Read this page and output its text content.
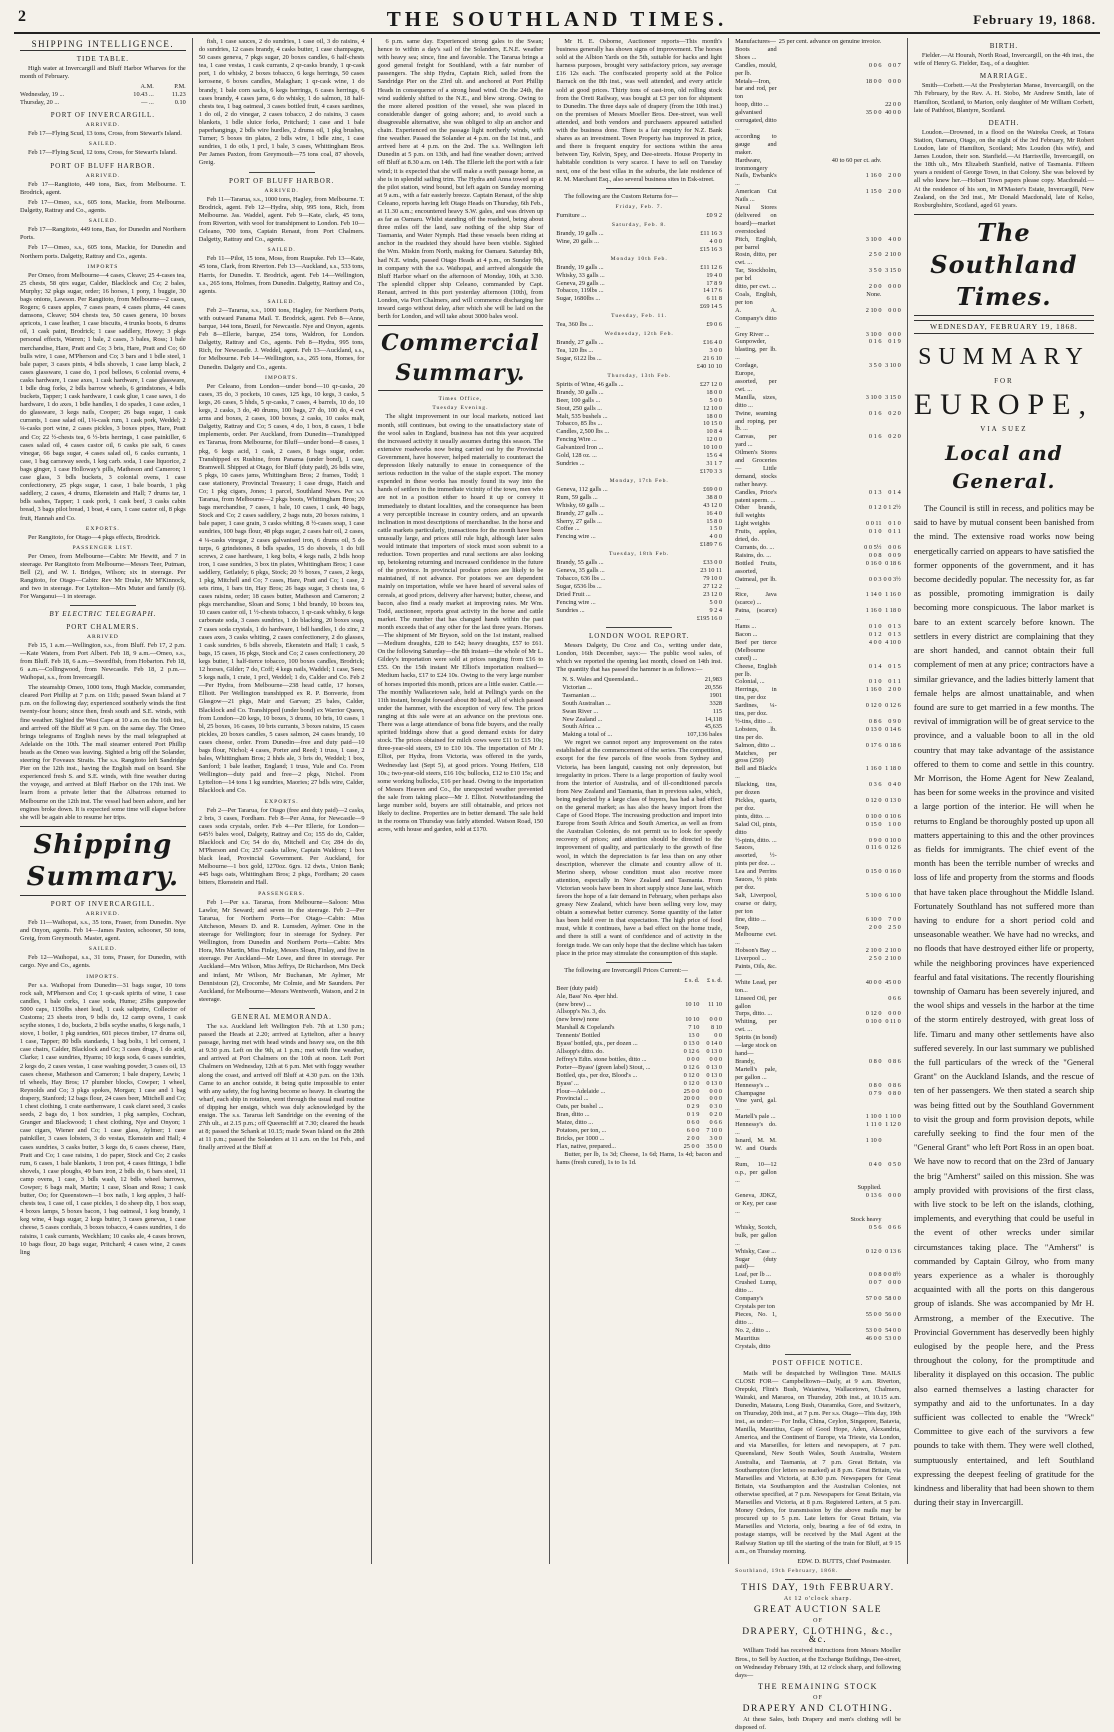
2	THE SOUTHLAND TIMES.	February 19, 1868.
SHIPPING INTELLIGENCE.
TIDE TABLE.

High water at Invercargill and Bluff Harbor Wharves for the month of February.

	A.M.	P.M.
Wednesday, 19 ...	10.43 ...	11.23
Thursday, 20 ...	— ...	0.10
PORT OF INVERCARGILL.
ARRIVED.

Feb 17—Flying Scud, 13 tons, Cross, from Stewart's Island.

SAILED.

Feb 17—Flying Scud, 12 tons, Cross, for Stewart's Island.

PORT OF BLUFF HARBOR.
ARRIVED.

Feb 17—Rangitoto, 449 tons, Bax, from Melbourne. T. Brodrick, agent.

Feb 17—Omeo, s.s., 605 tons, Mackie, from Melbourne. Dalgetty, Rattray and Co., agents.

SAILED.

Feb 17—Rangitoto, 449 tons, Bax, for Dunedin and Northern Ports.

Feb 17—Omeo, s.s., 605 tons, Mackie, for Dunedin and Northern ports. Dalgetty, Rattray and Co., agents.

IMPORTS

Per Omeo, from Melbourne—4 cases, Cleave; 25 4-cases tea, 25 chests, 58 qtrs sugar, Calder, Blacklock and Co; 2 bales, Murphy; 32 pkgs sugar, order; 16 horses, 1 pony, 1 buggie, 30 bags onions, Lawson. Per Rangitoto, from Melbourne—2 cases, Rogers; 6 cases apples, 7 cases pears, 4 cases plums, 44 cases damsons, Cleave; 504 chests tea, 50 cases genera, 10 boxes apricots, 1 case leather, 1 case biscuits, 4 trunks boots, 6 drums oil, 1 cask paint, Brodrick; 1 case saddlery, Hovey; 3 pkgs personal effects, Warren; 1 bale, 2 cases, 3 bales, Ross; 1 bale merchandise, Hare, Pratt and Co; 3 bris, Hare, Pratt and Co; 60 bulls wire, 1 case, M'Pherson and Co; 3 bars and 1 bdle steel, 1 bale paper, 3 cases pints, 4 bdls shovels, 1 case lamp black, 2 cases glassware, 1 case do, 1 pcel bellows, 6 colonial ovens, 4 casks hardware, 1 case axes, 1 cask hardware, 1 case glassware, 1 bdle drag forks, 2 bdls barrow wheels, 6 grindstones, 4 bdls buckets, Tapper; 1 cask hardware, 1 cask glue, 1 case saws, 1 do hardware, 1 do axes, 1 bdle handles, 1 do spades, 1 case axles, 1 do glassware, 3 kegs nails, Cooper; 26 bags sugar, 1 cask currants, 1 case salad oil, 1¼-cask rum, 1 cask pork, Weddel; 2 ¼-casks port wine, 2 cases pickles, 3 boxes pipes, Hare, Pratt and Co; 22 ½-chests tea, 6 ½-bris herrings, 1 case painkiller, 6 cases salad oil, 4 cases castor oil, 6 casks pie salt, 6 cases vinegar, 66 bags sugar, 4 cases salad oil, 6 casks currants, 1 case, 1 bag carraway seeds, 1 keg carb. soda, 1 case liquorice, 2 bags ginger, 1 case Holloway's pills, Matheson and Cameron; 1 case glass, 3 bdls buckets, 3 colonial ovens, 1 case confectionery, 25 pkgs sugar, 1 case, 1 bale boards, 1 pkg saddlery, 2 cases, 4 drums, Ekenstein and Hall; 7 drums tar, 1 bdls sashes, Tapper; 1 cask pork, 1 cask beef, 3 casks cabin bread, 3 bags pilot bread, 1 boat, 4 cars, 1 case castor oil, 8 pkgs fruit, Hannah and Co.

EXPORTS.

Per Rangitoto, for Otago—4 pkgs effects, Brodrick.

PASSENGER LIST.

Per Omeo, from Melbourne—Cabin: Mr Hewitt, and 7 in steerage. Per Rangitoto from Melbourne—Messrs Teer, Putman, Bell (2), and W. I. Bridges, Wilson; six in steerage. Per Rangitoto, for Otago—Cabin: Rev Mr Drake, Mr M'Kinnock, and two in steerage. For Lyttelton—Mrs Muter and family (6). For Wanganui—1 in steerage.

BY ELECTRIC TELEGRAPH.
PORT CHALMERS.
ARRIVED

Feb 15, 1 a.m.—Wellington, s.s., from Bluff. Feb 17, 2 p.m.—Kate Waters, from Port Albert. Feb 18, 9 a.m.—Omeo, s.s., from Bluff. Feb 18, 6 a.m.—Swordfish, from Hobarton. Feb 18, 6 a.m.—Collingwood, from Newcastle. Feb 18, 2 p.m.—Waihopai, s.s., from Invercargill.

The steamship Omeo, 1000 tons, Hugh Mackie, commander, cleared Port Phillip at 7 p.m. on 11th; passed Swan Island at 7 p.m. on the following day; experienced southerly winds the first twenty-four hours; since then, fresh south and S.E. winds, with fine weather. Sighted the West Cape at 10 a.m. on the 16th inst., and arrived off the Bluff at 9 p.m. on the same day. The Omeo brings telegrams of English news by the mail telegraphed at Adelaide on the 10th. The mail steamer entered Port Phillip heads as the Omeo was leaving. Sighted a brig off the Solander, steering for Foveaux Straits. The s.s. Rangitoto left Sandridge Pier on the 12th inst., having the English mail on board. She experienced fresh S. and S.E. winds, with fine weather during the voyage, and arrived at Bluff Harbor on the 17th inst. We learn from a private letter that the Albatross returned to Melbourne on the 12th inst. The vessel had been ashore, and her engines broke down. It is expected some time will elapse before she will be again able to resume her trips.

Shipping Summary.
PORT OF INVERCARGILL.
ARRIVED.

Feb 11—Waihopai, s.s., 35 tons, Fraser, from Dunedin. Nye and Onyon, agents. Feb 14—James Paxton, schooner, 50 tons, Greig, from Greymouth. Master, agent.

SAILED.

Feb 12—Waihopai, s.s., 31 tons, Fraser, for Dunedin, with cargo. Nye and Co., agents.

IMPORTS.

Per s.s. Waihopai from Dunedin—31 bags sugar, 10 tons rock salt, M'Pherson and Co; 1 qr-cask spirits of wine, 1 case candles, 1 bale corks, 1 case soda, Hume; 25lbs gunpowder 5000 caps, 1150lbs sheet lead, 1 cask saltpetre, Collector of Customs; 23 sheets iron, 9 bdls do, 12 camp ovens, 1 cask scythe stones, 1 do, buckets, 2 bdls scythe snaths, 6 kegs nails, 1 stove, 1 boiler, 1 pkg sundries, 601 pieces timber, 17 drums oil, 1 case, Tapper; 80 bdls standards, 1 bag bolts, 1 brl cement, 1 case chairs, Calder, Blacklock and Co; 3 cases drugs, 1 do acid, Clarke; 1 case sundries, Hyams; 10 kegs soda, 6 cases sundries, 2 kegs do, 2 cases vestas, 1 case washing powder, 3 cases oil, 13 cases cheese, Matheson and Cameron; 1 bale drapery, Lewis; 1 trl wheels, Hay Bros; 17 plumber blocks, Cowper; 1 wheel, Reynolds and Co; 3 pkgs spokes, Morgan; 1 case and 1 bag drapery, Stanford; 12 bags flour, 24 cases beer, Mitchell and Co; 1 chest clothing, 1 crate earthenware, 1 cask claret seed, 3 casks seeds, 2 bags do, 1 box sundries, 1 pkg samples, Cochran, Granger and Blackwood; 1 chest clothing, Nye and Onyon; 1 case cigars, Wiener and Co; 1 case glass, Aylmer; 1 case painkiller, 3 cases lobsters, 3 do vestas, Ekenstein and Hall; 4 cases sundries, 3 casks butter, 3 kegs do, 6 cases cheese, Hare, Pratt and Co; 1 case raisins, 1 do paper, Stock and Co; 2 casks rum, 6 cases, 1 bale blankets, 1 iron pot, 4 cases fittings, 1 bdle shovels, 1 case ploughs, 49 bars iron, 2 bdls do, 6 bars steel, 11 camp ovens, 1 case, 3 bdls wash, 12 bdls wheel barrows, Cowper; 6 bags malt, Martin; 1 case, Sloan and Ross; 1 cask butter, Oo; for Queenstown—1 box nails, 1 keg apples, 3 half-chests tea, 1 case oil, 1 case pickles, 1 do sheep dip, 1 box soap, 4 boxes lamps, 5 boxes bacon, 1 bag oatmeal, 1 keg brandy, 1 keg wine, 4 bags sugar, 2 kegs butter, 3 cases genevas, 1 case cheese, 5 cases cordials, 3 boxes tobacco, 4 cases sundries, 1 do raisins, 1 cask currants, Weckhlam; 10 casks ale, 4 cases brown, 10 bags flour, 20 bags sugar, Pritchard; 4 cases wine, 2 cases ling

fish, 1 case sauces, 2 do sundries, 1 case oil, 3 do raisins, 4 do sundries, 12 cases brandy, 4 casks butter, 1 case champagne, 50 cases geneva, 7 pkgs sugar, 20 boxes candles, 6 half-chests tea, 1 case vestas, 1 cask currants, 2 qr-casks brandy, 1 qr-cask port, 1 do whisky, 2 boxes tobacco, 6 kegs herrings, 50 cases kerosene, 6 boxes candles, Malaghan; 1 qr-cask wine, 1 do brandy, 1 bale corn sacks, 6 kegs herrings, 6 cases herrings, 6 cases brandy, 4 cases jams, 6 do whisky, 1 do salmon, 18 half-chests tea, 1 bag oatmeal, 3 cases bottled fruit, 4 cases sardines, 1 do oil, 2 do vinegar, 2 cases tobacco, 2 do raisins, 3 cases blankets, 1 bdle sluice forks, Pritchard; 1 case and 1 bale paperhangings, 2 bdls wire hurdles, 2 drums oil, 1 pkg brushes, Turner; 5 boxes tin plates, 2 bdls wire, 1 bdle zinc, 1 case sundries, 1 do oils, 1 prcl, 1 bale, 3 cases, Whittingham Bros. Per James Paxton, from Greymouth—75 tons coal, 87 shovels, Greig.

PORT OF BLUFF HARBOR.
ARRIVED.

Feb 11—Tararua, s.s., 1000 tons, Hagley, from Melbourne. T. Brodrick, agent. Feb 12—Hydra, ship, 995 tons, Rich, from Melbourne. Jas. Waddel, agent. Feb 9—Kate, clark, 45 tons, from Riverton, with wool for transhipment to London. Feb 10—Celeano, 700 tons, Captain Renaut, from Port Chalmers. Dalgetty, Rattray and Co., agents.

SAILED.

Feb 11—Pilot, 15 tons, Moss, from Ruapuke. Feb 13—Kate, 45 tons, Clark, from Riverton. Feb 13—Auckland, s.s., 533 tons, Harris, for Dunedin. T. Brodrick, agent. Feb 14—Wellington, s.s., 265 tons, Holmes, from Dunedin. Dalgetty, Rattray and Co., agents.

SAILED.

Feb 2—Tararua, s.s., 1000 tons, Hagley, for Northern Ports, with outward Panama Mail. T. Brodrick, agent. Feb 8—Anne, barque, 144 tons, Brazil, for Newcastle. Nye and Onyon, agents. Feb 8—Ellerie, barque, 254 tons, Waldron, for London. Dalgetty, Rattray and Co., agents. Feb 8—Hydra, 995 tons, Rich, for Newcastle. J. Weddel, agent. Feb 13—Auckland, s.s., for Melbourne. Feb 14—Wellington, s.s., 265 tons, Homes, for Dunedin. Dalgety and Co., agents.

IMPORTS.

Per Celeano, from London—under bond—10 qr-casks, 20 cases, 35 do, 3 pockets, 10 cases, 125 kgs, 10 kegs, 3 casks, 5 kegs, 26 cases, 5 hhds, 5 qr-casks, 7 cases, 4 barrels, 10 do, 10 kegs, 2 casks, 3 do, 40 drums, 100 bags, 27 do, 100 do, 4 cwt arms and boxes, 2 cases, 100 boxes, 2 casks, 10 casks malt, Dalgetty, Rattray and Co; 5 cases, 4 do, 1 box, 8 cases, 1 bdle implements, order. Per Auckland, from Dunedin—Transhipped ex Tararua, from Melbourne, for Bluff—under bond—8 cases, 1 pkg, 6 kegs acid, 1 cask, 2 cases, 8 bags sugar, order. Transhipped ex Rushine, from Panama (under bond), 1 case, Bramwell. Shipped at Otago, for Bluff (duty paid), 26 bdls wire, 5 pkgs, 10 cases jams, Whittingham Bros; 2 frames, Todd; 1 case stationery, Provincial Treasury; 1 case drugs, Hatch and Co; 1 pkg cigars, Jones; 1 parcel, Southland News. Per s.s. Tararua, from Melbourne—2 pkgs boots, Whittingham Bros; 20 bags merchandise, 7 cases, 1 bale, 10 cases, 1 cask, 40 bags, Stock and Co; 2 cases saddlery, 2 bags nuts, 20 boxes raisins, 1 bale paper, 1 case grain, 3 casks whiting, 8 ½-cases soap, 1 case sundries, 100 bags flour, 48 pkgs sugar, 2 cases hair oil, 2 cases, 4 ¼-casks vinegar, 2 cases galvanised iron, 6 drums oil, 5 do turps, 6 grindstones, 8 bdls spades, 15 do shovels, 1 do bill screws, 2 case hardware, 1 keg bolts, 4 kegs nails, 2 bdls hoop iron, 1 case sundries, 3 box tin plates, Whittingham Bros; 1 case saddlery, Getlately; 6 pkgs, Stock; 20 ½ boxes, 7 cases, 2 kegs, 1 pkg, Mitchell and Co; 7 cases, Hare, Pratt and Co; 1 case, 2 sets rims, 1 bars tin, Hay Bros; 26 bags sugar, 3 chests tea, 6 cases raisins, order; 18 cases butter, Matheson and Cameron; 2 pkgs merchandise, Sloan and Sons; 1 bhd brandy, 10 boxes tea, 10 cases castor oil, 1 ½-chests tobacco, 1 qr-cask whisky, 6 kegs carbonate soda, 3 cases sundries, 1 do blacking, 20 boxes soap, 7 cases soda crystals, 1 do hardware, 1 bdl handles, 1 do zinc, 2 cases axes, 3 casks whiting, 2 cases confectionery, 2 do glasses, 1 cask sundries, 6 bdls shovels, Ekenstein and Hall; 1 cask, 5 bags, 15 cases, 16 pkgs, Stock and Co; 2 cases confectionery, 20 kegs butter, 1 half-tierce tobacco, 100 boxes candles, Brodrick; 12 horses, Gilder; 7 do, Coff; 4 kegs nails, Waddel; 1 case, Sees; 5 kegs nails, 1 crate, 1 prcl, Weddel; 1 do, Calder and Co. Feb 2—Per Hydra, from Melbourne—238 head cattle, 17 horses, Elliott. Per Wellington transhipped ex R. P. Bonverie, from Glasgow—21 pkgs, Mair and Garvan; 25 bales, Calder, Blacklock and Co. Transhipped (under bond) ex Warrior Queen, from London—20 kegs, 10 boxes, 3 drums, 10 bris, 10 cases, 1 bl, 25 boxes, 16 cases, 10 bris currants, 3 boxes raisins, 15 cases pickles, 20 boxes candles, 5 cases salmon, 24 cases brandy, 10 cases cheese, order. From Dunedin—free and duty paid—10 bags flour, Nichol; 4 cases, Porter and Reed; 1 truss, 1 case, 2 bales, Whittingham Bros; 2 hhds ale, 3 bris do, Weddel; 1 box, Sanford; 1 bale leather, England; 1 truss, Yule and Co. From Wellington—duty paid and free—2 pkgs, Nichol. From Lyttelton—14 tons 1 kg sundries, Maories; 27 bdls wire, Calder, Blacklock and Co.

EXPORTS.

Feb 2—Per Tararua, for Otago (free and duty paid)—2 casks, 2 bris, 3 cases, Fordham. Feb 8—Per Anna, for Newcastle—9 cases soda crystals, order. Feb 4—Per Ellerie, for London—645½ bales wool, Dalgety, Rattray and Co; 155 do do, Calder, Blacklock and Co; 54 do do, Mitchell and Co; 284 do do, M'Pherson and Co; 257 casks tallow, Captain Waldron; 1 box black lead, Provincial Government. Per Auckland, for Melbourne—1 box gold, 1270oz. 6grs. 12 dwts., Union Bank; 445 bags oats, Whittingham Bros; 2 pkgs, Fordham; 20 cases bitters, Ekenstein and Hall.

PASSENGERS.

Feb 1—Per s.s. Tararua, from Melbourne—Saloon: Miss Lawlor, Mr Seward; and seven in the steerage. Feb 2—Per Tararua, for Northern Ports—For Otago—Cabin: Miss Aitcheson, Messrs D. and R. Lumsden, Aylmer. One in the steerage for Wellington; four in steerage for Sydney. Per Wellington, from Dunedin and Northern Ports—Cabin: Mrs Hora, Mrs Martin, Miss Finlay, Messrs Sloan, Finlay, and five in steerage. Per Auckland—Mr Lowe, and three in steerage. Per Auckland—Mrs Wilson, Miss Jeffrys, Dr Richardson, Mrs Deck and infant, Mr Wilson, Mr Buchanan, Mr Aylmer, Mr Dennistoun (2), Crocombe, Mr Colmie, and Mr Saunders. Per Auckland, for Melbourne—Messrs Wentworth, Watson, and 2 in steerage.

GENERAL MEMORANDA.

The s.s. Auckland left Wellington Feb. 7th at 1.30 p.m.; passed the Heads at 2.20; arrived at Lyttelton, after a heavy passage, having met with head winds and heavy sea, on the 8th at 9.30 p.m. Left on the 9th, at 1 p.m.; met with fine weather, and arrived at Port Chalmers on the 10th at noon. Left Port Chalmers on Wednesday, 12th at 6 p.m. Met with foggy weather along the coast, and arrived off Bluff at 4.30 p.m. on the 13th. Came to an anchor outside, it being quite impossible to enter with any safety, the fog having become so heavy. In clearing the wharf, each ship in rotation, went through the usual mail routine of dipping her ensign, which was duly acknowledged by the ensign. The s.s. Tararua left Sandridge on the evening of the 27th ult., at 2.15 p.m.; off Queenscliff at 7.30; cleared the heads at 8; passed the Schank at 10.15; made Swan Island on the 28th at 11 p.m.; passed the Solanders at 11 a.m. on the 1st Feb., and finally arrived at the Bluff at

6 p.m. same day. Experienced strong gales to the Swan; hence to within a day's sail of the Solanders, E.N.E. weather with heavy sea; since, fine and favorable. The Tararua brings a good general freight for Southland, with a fair number of passengers. The ship Hydra, Captain Rich, sailed from the Sandridge Pier on the 23rd ult. and anchored at Port Phillip Heads in consequence of a strong head wind. On the 24th, the wind suddenly shifted to the N.E., and blew strong. Owing to the more altered position of the vessel, she was placed in considerable danger of going ashore; and, to avoid such a disagreeable alternative, she was obliged to slip an anchor and chain. Experienced on the passage light northerly winds, with fine weather. Passed the Solander at 4 p.m. on the 1st inst., and arrived here at 4 p.m. on the 2nd. The s.s. Wellington left Dunedin at 5 p.m. on 13th, and had fine weather down; arrived off Bluff at 8.30 a.m. on 14th. The Ellerie left the port with a fair wind; it is expected that she will make a swift passage home, as she is in splendid sailing trim. The Hydra and Anna towed up at the pilot station, wind bound, but left again on Sunday morning at 9 a.m., with a fair easterly breeze. Captain Renaut, of the ship Celeano, reports having left Otago Heads on Thursday, 6th Feb., at 11.30 a.m.; encountered heavy S.W. gales, and was driven up as far as Oamaru. Whilst standing off the roadsted, being about three miles off the land, saw nothing of the ship Star of Tasmania, and Water Nymph. Had these vessels been riding at anchor in the roadsted they should have been visible. Sighted the Wm. Miskin from North, making for Oamaru. Saturday 8th, had N.E. winds, passed Otago Heads at 4 p.m., on Sunday 9th, in company with the s.s. Waihopai, and arrived alongside the Bluff Harbor wharf on the afternoon of Monday, 10th, at 3.30. The splendid clipper ship Celeano, commanded by Capt. Renaut, arrived in this port yesterday afternoon (10th), from London, via Port Chalmers, and will commence discharging her inward cargo without delay, after which she will be laid on the berth for London, and will take about 3000 bales wool.

Commercial Summary.
Times Office,
Tuesday Evening.

The slight improvement in our local markets, noticed last month, still continues, but owing to the unsatisfactory state of the wool sales in England, business has not this year acquired the increased activity it usually assumes during this season. The extensive roadworks now being carried out by the Provincial Government, have however, helped materially to counteract the depression likely naturally to ensue in consequence of the serious reduction in the value of the staple export. The money expended in these works has mostly found its way into the hands of settlers in the immediate vicinity of the town, men who are not in a position either to hoard it up or convey it immediately to distant localities, and the consequence has been a very perceptible increase in country orders, and an upwards inclination in most descriptions of merchandise. In the horse and cattle markets particularly, transactions for the month have been unusually large, and prices still rule high, although later sales would intimate that importers of stock must soon submit to a reduction. Town properties and rural sections are also looking up, betokening returning and increased confidence in the future of the province. In provincial produce prices are likely to be maintained, if not advance. For potatoes we are dependent mainly on importation, while we have heard of several sales of cereals, at good prices, delivery after harvest; butter, cheese, and bacon, also find a ready market at improving rates. Mr Wm. Todd, auctioneer, reports great activity in the horse and cattle market. The number that has changed hands within the past month exceeds that of any other for the last three years. Horses.—The shipment of Mr Bryson, sold on the 1st instant, realised—Medium draughts, £28 to £42; heavy draughts, £57 to £61. On the following Saturday—the 8th instant—the whole of Mr L. Gildey's importation were sold at prices ranging from £16 to £55. On the 15th instant Mr Elliot's importation realised—Medium hacks, £17 to £24 10s. Owing to the very large number of horses imported this month, prices are a little easier. Cattle.—The monthly Wallacetown sale, held at Pelling's yards on the 11th instant, brought forward about 80 head, all of which passed under the hammer, with the exception of very few. The prices ranging at this sale were at an advance on the previous one. There was a large attendance of bona fide buyers, and the really spirited biddings show that a good demand exists for dairy stock. The prices obtained for milch cows were £11 to £15 10s; three-year-old steers, £9 to £10 10s. The importation of Mr J. Elliot, per Hydra, from Victoria, was offered in the yards, Wednesday last (Sept 5), at good prices. Young Heifers, £18 10s.; two-year-old steers, £16 10s; bullocks, £12 to £10 15s; and some working bullocks, £16 per head. Owing to the importation of Messrs Heaven and Co., the unexpected weather prevented the sale from taking place—Mr J. Elliot. Notwithstanding the large number sold, buyers are still obtainable, and prices not likely to decline. Properties are in better demand. The sale held in the rooms on Thursday was fairly attended. Watson Road, 150 acres, with house and garden, sold at £170.

Mr H. E. Osborne, Auctioneer reports—This month's business generally has shown signs of improvement. The horses sold at the Albion Yards on the 5th, suitable for hacks and light harness purposes, brought very satisfactory prices, say average £16 12s each. The confiscated property sold at the Police Barrack on the 8th inst., was well attended, and every article sold at good prices. Thirty tons of cast-iron, old rolling stock from the Oreti Railway, was bought at £3 per ton for shipment to Dunedin. The three days sale of drapery (from the 10th inst.) on the premises of Messrs Moeller Bros. Dee-street, was well attended, and both vendors and purchasers appeared satisfied with the business done. There is a fair enquiry for N.Z. Bank shares as an investment. Town Property has improved in price, and there is frequent enquiry for sections within the area between Tay, Kelvin, Spey, and Dee-streets. House Property in habitable condition is very scarce. I have to sell on Tuesday next, one of the best villas in the suburbs, the late residence of R. M. Marchant Esq., also several business sites in Esk-street.

The following are the Custom Returns for—

Friday, Feb. 7.
Furniture ...	£0 9 2
Saturday, Feb. 8.
Brandy, 19 galls ...	£11 16 3
Wine, 20 galls ...	4 0 0
	£15 16 3
Monday 10th Feb.
Brandy, 19 galls ...	£11 12 6
Whisky, 33 galls ...	19 4 0
Geneva, 29 galls ...	17 8 9
Tobacco, 119lbs ...	14 17 6
Sugar, 1680lbs ...	6 11 8
	£69 14 5
Tuesday, Feb. 11.
Tea, 360 lbs ...	£9 0 6
Wednesday, 12th Feb.
Brandy, 27 galls ...	£16 4 0
Tea, 120 lbs ...	3 0 0
Sugar, 6122 lbs ...	21 6 10
	£40 10 10
Thursday, 13th Feb.
Spirits of Wine, 46 galls ...	£27 12 0
Brandy, 30 galls ...	18 0 0
Beer, 100 galls ...	5 0 0
Stout, 250 galls ...	12 10 0
Malt, 535 bushels ...	18 0 0
Tobacco, 85 lbs ...	10 15 0
Candles, 2,500 lbs ...	10 8 4
Fencing Wire ...	12 0 0
Galvanized Iron ...	10 10 0
Gold, 128 oz. ...	15 6 4
Sundries ...	31 1 7
	£170 3 3
Monday, 17th Feb.
Geneva, 112 galls ...	£69 0 0
Rum, 59 galls ...	38 8 0
Whisky, 69 galls ...	43 12 0
Brandy, 27 galls ...	16 4 0
Sherry, 27 galls ...	15 8 0
Coffee ...	1 5 0
Fencing wire ...	4 0 0
	£189 7 6
Tuesday, 18th Feb.
Brandy, 55 galls ...	£33 0 0
Geneva, 35 galls ...	23 10 11
Tobacco, 636 lbs ...	79 10 0
Sugar, 6536 lbs ...	27 12 2
Dried Fruit ...	23 12 0
Fencing wire ...	5 0 0
Sundries ...	9 2 4
	£195 16 0
LONDON WOOL REPORT.

Messrs Dalgety, Du Croz and Co., writing under date, London, 16th December, says:— The public wool sales, of which we reported the opening last month, closed on 14th inst. The quantity that has passed the hammer is as follows:—

N. S. Wales and Queensland...	21,983
Victorian ...	20,556
Tasmanian ...	1901
South Australian ...	3328
Swan River ...	115
New Zealand ...	14,118
South Africa ...	45,635
Making a total of ...	107,136 bales

We regret we cannot report any improvement on the rates established at the commencement of the series. The competition, except for the few parcels of fine wools from Sydney and Victoria, has been languid, causing not only depression, but irregularity in prices. There is a large proportion of faulty wool from the interior of Australia, and of ill-conditioned parcels from New Zealand and Tasmania, than in previous sales, which, being neglected by a large class of buyers, has had a bad effect on the general market; as has also the heavy import from the Cape of Good Hope. The increasing production and import into Europe from South Africa and South America, as well as from the Australian Colonies, do not permit us to look for speedy recovery of prices; and attention should be directed to the improvement of quality, and particularly to the growth of fine wool, in which the depreciation is far less than on any other description, wherever the climate and country allow of it. Merino sheep, whose condition must also receive more attention, especially in New Zealand and Tasmania. From Victorian wools have been in short supply since June last, which favors the hope of a fair demand in February, when perhaps also greasy New Zealand, which have been selling very low, may obtain a somewhat better currency. Some quantity of the latter has been held over in that expectation. The high price of food must, while it continues, have a bad effect on the home trade, and there is still a want of confidence and of activity in the foreign trade. We can only hope that the decline which has taken place in the price may stimulate the consumption of this staple.

The following are Invercargill Prices Current:—

	£ s. d.	£ s. d.
Beer (duty paid)		
Ale, Bass' No. 4per hhd.		
(new brew) ...	10 10	11 10
Allsopp's No. 3, do.		
(new brew) none	10 10	0 0 0
Marshall & Copeland's	7 10	8 10
Tennents' Bottled	13 0	0 0
Byass' bottled, qts., per dozen ...	0 13 0	0 14 0
Allsopp's ditto. do.	0 12 6	0 13 0
Jeffrey's Edin. stone bottles, ditto ...	0 0 0	0 0 0
Porter—Byass' (green label) Stout, ...	0 12 6	0 13 0
Bottled, qts., per doz, Blood's ...	0 12 0	0 13 0
Byass' ...	0 12 0	0 13 0
Flour—Adelaide ...	25 0 0	0 0 0
Provincial ...	20 0 0	0 0 0
Oats, per bushel ...	0 2 9	0 3 0
Bran, ditto ...	0 1 9	0 2 0
Maize, ditto ...	0 6 0	0 6 6
Potatoes, per ton, ...	6 0 0	7 10 0
Bricks, per 1000 ...	2 0 0	3 0 0
Flax, native, prepared...	25 0 0	35 0 0

Butter, per lb, 1s 3d; Cheese, 1s 6d; Hams, 1s 4d; bacon and hams (fresh cured), 1s to 1s 1d.

Manufactures—Boots and Shoes ...	25 per cent. advance on genuine invoice.	
Candles, mould, per lb.	0 0 6	0 0 7
Metals—Iron, bar and rod, per ton	18 0 0	0 0 0
hoop, ditto ...		22 0 0
galvanised corrugated, ditto ...	35 0 0	40 0 0
according to gauge and maker.		
Hardware, ironmongery	40 to 60 per ct. adv.	
Nails, Ewbank's ...	1 16 0	2 0 0
American Cut Nails ...	1 15 0	2 0 0
Naval Stores (delivered on board)—market overstocked		
Pitch, English, per barrel	3 10 0	4 0 0
Rosin, ditto, per cwt. ...	2 5 0	2 10 0
Tar, Stockholm, per brl	3 5 0	3 15 0
ditto, per cwt. ...	2 0 0	0 0 0
Coals, English, per ton	None.	
A. A. Company's ditto ...	2 10 0	0 0 0
Grey River ...	3 10 0	0 0 0
Gunpowder, blasting, per lb. ...	0 1 6	0 1 9
Cordage, Europe, assorted, per cwt. ...	3 5 0	3 10 0
Manilla, sizes, ditto ...	3 10 0	3 15 0
Twine, seaming and roping, per lb. ...	0 1 6	0 2 0
Canvas, per yard ...	0 1 6	0 2 0
Oilmen's Stores and Groceries — Little demand, stocks rather heavy.		
Candles, Price's patent sperm. ...	0 1 3	0 1 4
Other brands, full weights	0 1 2	0 1 2½
Light weights	0 0 11	0 1 0
Fruits, apples, dried, do.	0 1 0	0 1 1
Currants, do. ...	0 0 5½	0 0 6
Raisins, do. ...	0 0 8	0 0 9
Bottled Fruits, assorted,	0 16 0	0 18 6
Oatmeal, per lb. ...	0 0 3	0 0 3½
Rice, Java (scarce) ...	1 14 0	1 16 0
Patna, (scarce) ...	1 16 0	1 18 0
Hams ...	0 1 0	0 1 3
Bacon ...	0 1 2	0 1 3
Beef per tierce (Melbourne cured) ...	4 0 0	4 10 0
Cheese, English per lb.	0 1 4	0 1 5
Colonial, ...	0 1 0	0 1 1
Herrings, in tins, per doz	1 16 0	2 0 0
Sardines, ¼-tins, per doz.	0 12 0	0 12 6
½-tins, ditto ...	0 8 6	0 9 0
Lobsters, lb. tins per do.	0 13 0	0 14 6
Salmon, ditto ...	0 17 6	0 18 6
Matches, per gross (250)		
Bell and Black's ...	1 16 0	1 18 0
Blacking, tins, per dozen	0 3 6	0 4 0
Pickles, quarts, per doz.	0 12 0	0 13 0
pints, ditto. ...	0 10 0	0 10 6
Salad Oil, pints, ditto	0 15 0	1 0 0
½-pints, ditto. ...	0 9 0	0 10 0
Sauces, assorted, ½-pints per doz. ...	0 11 6	0 12 6
Lea and Perrins Sauces, ½ pints per doz.	0 15 0	0 16 0
Salt, Liverpool, coarse or dairy, per ton	5 10 0	6 10 0
fine, ditto ...	6 10 0	7 0 0
Soap, Melbourne cwt. ...	2 0 0	2 5 0
Hobson's Bay ...	2 10 0	2 10 0
Liverpool ...	2 5 0	2 10 0
Paints, Oils, &c.—		
White Lead, per ton...	40 0 0	45 0 0
Linseed Oil, per gallon		0 6 6
Turps, ditto. ...	0 12 0	0 0 0
Whiting, per cwt. ...	0 10 0	0 11 0
Spirits (in bond)—large stock on hand—		
Brandy, Martell's pale, per gallon ...	0 8 0	0 8 6
Hennessy's ...	0 8 0	0 8 6
Champagne Vine yard, gal. ...	0 7 9	0 8 0
Martell's pale ...	1 10 0	1 10 0
Hennessy's do. ...	1 11 0	1 12 0
Isnard, M. M. W. and Otards ...	1 10 0	
Rum, 10—12 o.p., per gallon ...	0 4 0	0 5 0
	Supplied.	
Geneva, JDKZ, or Key, per case ...	0 13 6	0 0 0
	Stock heavy	
Whisky, Scotch, bulk, per gallon ...	0 5 6	0 6 6
Whisky, Case ...	0 12 0	0 13 6
Sugar (duty paid)—		
Loaf, per lb ...	0 0 8	0 0 8½
Crushed Lump, ditto ...	0 0 7	0 0 0
Company's Crystals per ton	57 0 0	58 0 0
Pieces, No. 1, ditto ...	55 0 0	56 0 0
No. 2, ditto ...	53 0 0	54 0 0
Mauritius Crystals, ditto	46 0 0	53 0 0
POST OFFICE NOTICE.

Mails will be despatched by Wellington Time. MAILS CLOSE FOR— Campbelltown—Daily, at 9 a.m. Riverton, Orepuki, Flint's Bush, Waianiwa, Wallacetown, Chalmers, Wairaki, and Mararoa, on Thursday, 20th inst., at 10.15 a.m. Dunedin, Mataura, Long Bush, Otaramika, Gore, and Switzer's, on Thursday, 20th inst., at 7 p.m. Per s.s. Otago—This day, 19th inst., as under:— For India, China, Ceylon, Singapore, Batavia, Manilla, Mauritius, Cape of Good Hope, Aden, Alexandria, America, and the Continent of Europe, via Trieste, via London, and via Marseilles, for letters and newspapers, at 7 p.m. Queensland, New South Wales, South Australia, Western Australia, and Tasmania, at 7 p.m. Great Britain, via Southampton (for letters so marked) at 8 p.m. Great Britain, via Marseilles and Victoria, at 8.30 p.m. Newspapers for Great Britain, via Southampton and the Australian Colonies, not otherwise specified, at 7 p.m. Newspapers for Great Britain, via Marseilles and Victoria, at 8 p.m. Registered Letters, at 5 p.m. Money Orders, for transmission by the above mails may be procured up to 5 p.m. Late letters for Great Britain, via Marseilles and Victoria, only, bearing a fee of 6d extra, in postage stamps, will be received by the Mail Agent at the Railway Station up till the starting of the train for Bluff, at 9 15 a.m., on Thursday morning.

EDW. D. BUTTS, Chief Postmaster.
Southland, 19th February, 1868.
THIS DAY, 19th FEBRUARY.
At 12 o'clock sharp.
GREAT AUCTION SALE
OF
DRAPERY, CLOTHING, &c., &c.

William Todd has received instructions from Messrs Moeller Bros., to Sell by Auction, at the Exchange Buildings, Dee-street, on Wednesday February 19th, at 12 o'clock sharp, and following days—

THE REMAINING STOCK
OF
DRAPERY AND CLOTHING.

At these Sales, both Drapery and men's clothing will be disposed of.

BIRTH.

Fielder.—At Hourah, North Road, Invercargill, on the 4th inst., the wife of Henry G. Fielder, Esq., of a daughter.

MARRIAGE.

Smith—Corbett.—At the Presbyterian Manse, Invercargill, on the 7th February, by the Rev. A. H. Stobo, Mr Andrew Smith, late of Hamilton, Scotland, to Marion, only daughter of Mr William Corbett, late of Pathfoot, Blantyre, Scotland.

DEATH.

Loudon.—Drowned, in a flood on the Waireka Creek, at Totara Station, Oamaru, Otago, on the night of the 3rd February, Mr Robert Loudon, late of Hamilton, Scotland; Mrs Loudon (his wife), and James Loudon, their son. Stanfield.—At Harrisville, Invercargill, on the 18th ult., Mrs Elizabeth Stanfield, native of Tasmania. Fifteen years a resident of George Town, in that Colony. She was beloved by all who knew her.—Hobart Town papers please copy. Macdonald.—At the residence of his son, in M'Master's Estate, Invercargill, New Zealand, on the 3rd inst., Mr Donald Macdonald, late of Kelso, Roxburghshire, Scotland, aged 61 years.

The Southland Times.
WEDNESDAY, FEBRUARY 19, 1868.
SUMMARY
FOR
EUROPE,
VIA SUEZ
Local and General.

The Council is still in recess, and politics may be said to have by mutual consent been banished from the mind. The extensive road works now being energetically carried on appears to have satisfied the former opponents of the government, and it has become decidedly popular. The necessity for, as far as possible, promoting immigration is daily becoming more conspicuous. The labor market is bare to an extent scarcely before known. The settlers in every district are complaining that they are short handed, and cannot obtain their full complement of men at any price; contractors have a similar grievance, and the ladies bitterly lament that female helps are almost unattainable, and when found are sure to get married in a few months. The revival of immigration will be of great service to the province, and a valuable boon to all in the old country that may take advantage of the assistance offered to them to come and settle in this country. Mr Morrison, the Home Agent for New Zealand, has been for some weeks in the province and visited a large portion of the interior. He will when he returns to England be thoroughly posted up upon all matters appertaining to this and the other provinces as fields for immigrants. The chief event of the month has been the terrible number of wrecks and loss of life and property from the storms and floods that have taken place throughout the Middle Island. Fortunately Southland has not suffered more than having to endure for a short period cold and unseasonable weather. We have had no wrecks, and no floods that have destroyed either life or property, while the neighboring provinces have experienced fearful and fatal visitations. The recently flourishing township of Oamaru has been severely injured, and the wool ships and vessels in the harbor at the time of the storm entirely destroyed, with great loss of life. Timaru and many other settlements have also suffered severely. In our last summary we published the full particulars of the wreck of the "General Grant" on the Auckland Islands, and the rescue of ten of her passengers. We then stated a search ship was being fitted out by the Southland Government to visit the group and form provision depots, while carefully seeking to find the four men of the "General Grant" who left Port Ross in an open boat. We have now to record that on the 23rd of January the brig "Amherst" sailed on this mission. She was amply provided with provisions of the first class, with live stock to be left on the islands, clothing, implements, and everything that could be useful in the event of other wrecks under similar circumstances taking place. The "Amherst" is commanded by Captain Gilroy, who from many years experience as a whaler is thoroughly acquainted with all the ports on this dangerous group of islands. She was accompanied by Mr H. Armstrong, a member of the Executive. The Provincial Government has deservedly been highly eulogised by the people here, and the Press throughout the colony, for the promptitude and liberality it displayed on this occasion. The public also earned themselves a lasting character for sympathy and aid to the unfortunates. In a day sufficient was collected to enable the "Wreck" Committee to give each of the survivors a few pounds to take with them. They were well clothed, sumptuously entertained, and left Southland expressing the deepest feeling of gratitude for the kindness and liberality that had been shown to them during their stay in Invercargill.
